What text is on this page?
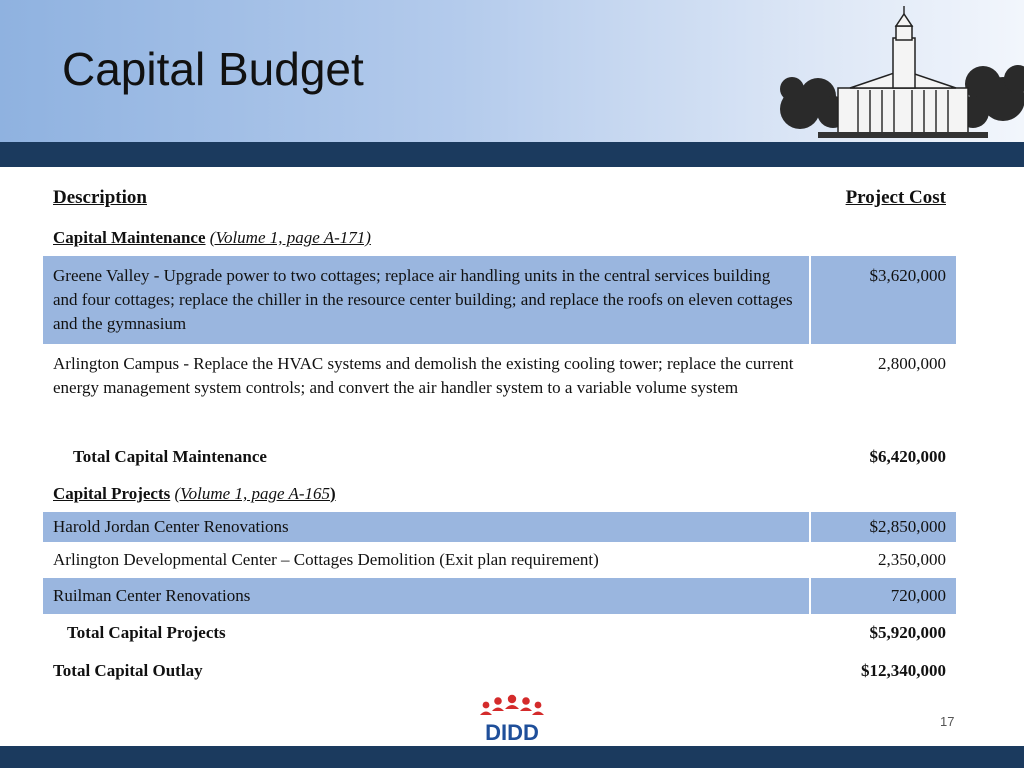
Capital Budget
Description	Project Cost
Capital Maintenance (Volume 1, page A-171)	
Greene Valley - Upgrade power to two cottages; replace air handling units in the central services building and four cottages; replace the chiller in the resource center building; and replace the roofs on eleven cottages and the gymnasium	$3,620,000
Arlington Campus - Replace the HVAC systems and demolish the existing cooling tower; replace the current energy management system controls; and convert the air handler system to a variable volume system	2,800,000
Total Capital Maintenance	$6,420,000
Capital Projects (Volume 1, page A-165)	
Harold Jordan Center Renovations	$2,850,000
Arlington Developmental Center – Cottages Demolition (Exit plan requirement)	2,350,000
Ruilman Center Renovations	720,000
Total Capital Projects	$5,920,000
Total Capital Outlay	$12,340,000
DIDD	17
